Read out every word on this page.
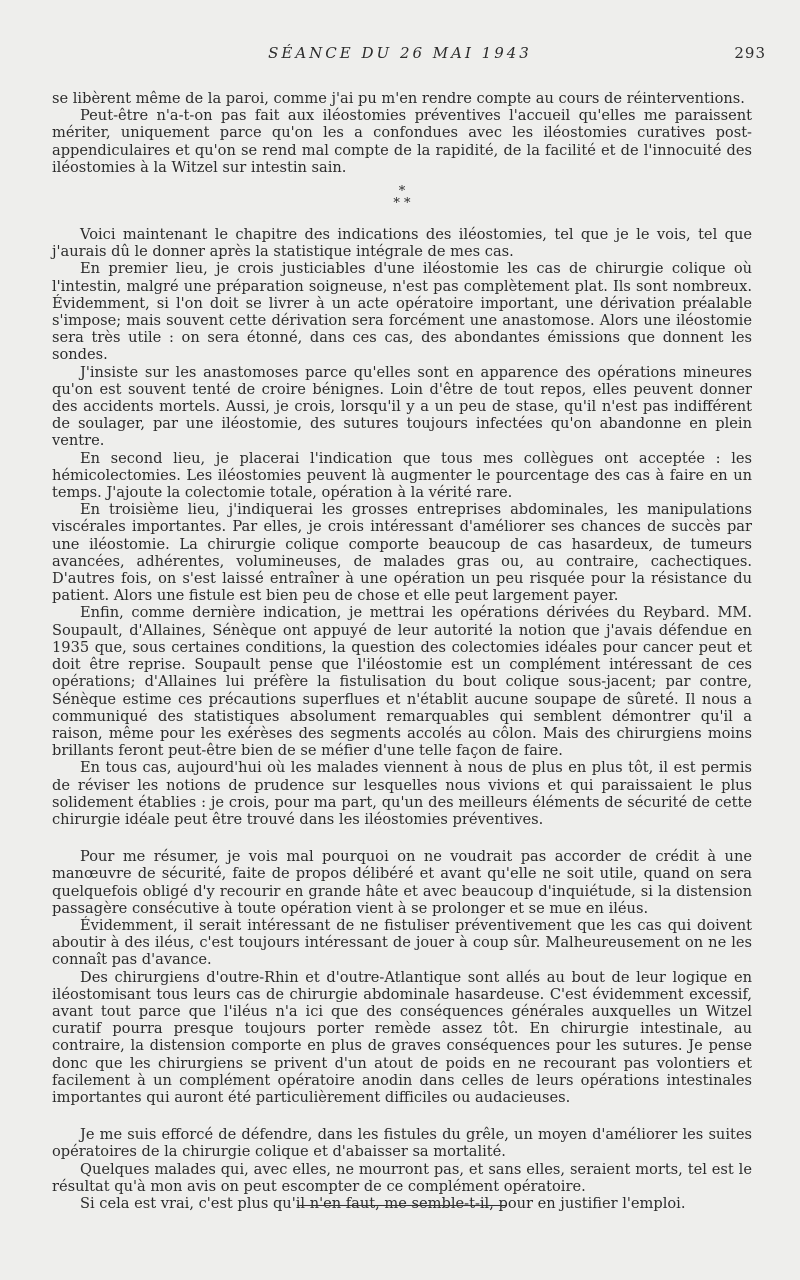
SÉANCE DU 26 MAI 1943	293

se libèrent même de la paroi, comme j'ai pu m'en rendre compte au cours de réinterventions.

Peut-être n'a-t-on pas fait aux iléostomies préventives l'accueil qu'elles me paraissent mériter, uniquement parce qu'on les a confondues avec les iléostomies curatives post-appendiculaires et qu'on se rend mal compte de la rapidité, de la facilité et de l'innocuité des iléostomies à la Witzel sur intestin sain.

*
* *

Voici maintenant le chapitre des indications des iléostomies, tel que je le vois, tel que j'aurais dû le donner après la statistique intégrale de mes cas.

En premier lieu, je crois justiciables d'une iléostomie les cas de chirurgie colique où l'intestin, malgré une préparation soigneuse, n'est pas complètement plat. Ils sont nombreux. Évidemment, si l'on doit se livrer à un acte opératoire important, une dérivation préalable s'impose; mais souvent cette dérivation sera forcément une anastomose. Alors une iléostomie sera très utile : on sera étonné, dans ces cas, des abondantes émissions que donnent les sondes.

J'insiste sur les anastomoses parce qu'elles sont en apparence des opérations mineures qu'on est souvent tenté de croire bénignes. Loin d'être de tout repos, elles peuvent donner des accidents mortels. Aussi, je crois, lorsqu'il y a un peu de stase, qu'il n'est pas indifférent de soulager, par une iléostomie, des sutures toujours infectées qu'on abandonne en plein ventre.

En second lieu, je placerai l'indication que tous mes collègues ont acceptée : les hémicolectomies. Les iléostomies peuvent là augmenter le pourcentage des cas à faire en un temps. J'ajoute la colectomie totale, opération à la vérité rare.

En troisième lieu, j'indiquerai les grosses entreprises abdominales, les manipulations viscérales importantes. Par elles, je crois intéressant d'améliorer ses chances de succès par une iléostomie. La chirurgie colique comporte beaucoup de cas hasardeux, de tumeurs avancées, adhérentes, volumineuses, de malades gras ou, au contraire, cachectiques. D'autres fois, on s'est laissé entraîner à une opération un peu risquée pour la résistance du patient. Alors une fistule est bien peu de chose et elle peut largement payer.

Enfin, comme dernière indication, je mettrai les opérations dérivées du Reybard. MM. Soupault, d'Allaines, Sénèque ont appuyé de leur autorité la notion que j'avais défendue en 1935 que, sous certaines conditions, la question des colectomies idéales pour cancer peut et doit être reprise. Soupault pense que l'iléostomie est un complément intéressant de ces opérations; d'Allaines lui préfère la fistulisation du bout colique sous-jacent; par contre, Sénèque estime ces précautions superflues et n'établit aucune soupape de sûreté. Il nous a communiqué des statistiques absolument remarquables qui semblent démontrer qu'il a raison, même pour les exérèses des segments accolés au côlon. Mais des chirurgiens moins brillants feront peut-être bien de se méfier d'une telle façon de faire.

En tous cas, aujourd'hui où les malades viennent à nous de plus en plus tôt, il est permis de réviser les notions de prudence sur lesquelles nous vivions et qui paraissaient le plus solidement établies : je crois, pour ma part, qu'un des meilleurs éléments de sécurité de cette chirurgie idéale peut être trouvé dans les iléostomies préventives.

Pour me résumer, je vois mal pourquoi on ne voudrait pas accorder de crédit à une manœuvre de sécurité, faite de propos délibéré et avant qu'elle ne soit utile, quand on sera quelquefois obligé d'y recourir en grande hâte et avec beaucoup d'inquiétude, si la distension passagère consécutive à toute opération vient à se prolonger et se mue en iléus.

Évidemment, il serait intéressant de ne fistuliser préventivement que les cas qui doivent aboutir à des iléus, c'est toujours intéressant de jouer à coup sûr. Malheureusement on ne les connaît pas d'avance.

Des chirurgiens d'outre-Rhin et d'outre-Atlantique sont allés au bout de leur logique en iléostomisant tous leurs cas de chirurgie abdominale hasardeuse. C'est évidemment excessif, avant tout parce que l'iléus n'a ici que des conséquences générales auxquelles un Witzel curatif pourra presque toujours porter remède assez tôt. En chirurgie intestinale, au contraire, la distension comporte en plus de graves conséquences pour les sutures. Je pense donc que les chirurgiens se privent d'un atout de poids en ne recourant pas volontiers et facilement à un complément opératoire anodin dans celles de leurs opérations intestinales importantes qui auront été particulièrement difficiles ou audacieuses.

Je me suis efforcé de défendre, dans les fistules du grêle, un moyen d'améliorer les suites opératoires de la chirurgie colique et d'abaisser sa mortalité.

Quelques malades qui, avec elles, ne mourront pas, et sans elles, seraient morts, tel est le résultat qu'à mon avis on peut escompter de ce complément opératoire.

Si cela est vrai, c'est plus qu'il n'en faut, me semble-t-il, pour en justifier l'emploi.
